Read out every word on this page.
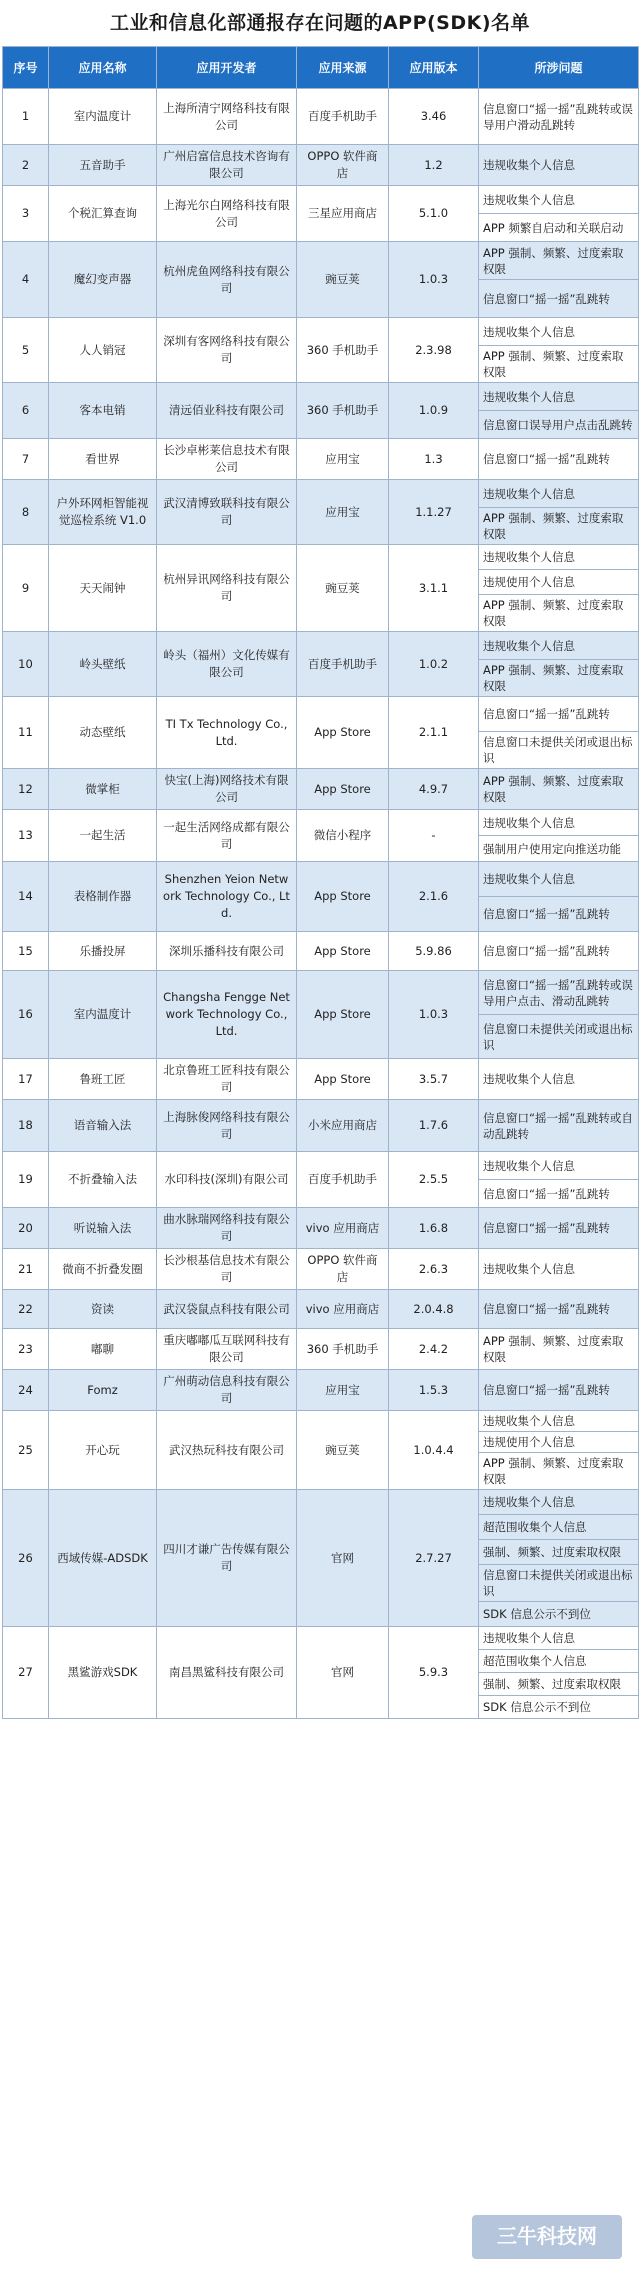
工业和信息化部通报存在问题的APP(SDK)名单
序号	应用名称	应用开发者	应用来源	应用版本	所涉问题
1	室内温度计	上海所清宁网络科技有限公司	百度手机助手	3.46	信息窗口“摇一摇”乱跳转或误导用户滑动乱跳转
2	五音助手	广州启富信息技术咨询有限公司	OPPO 软件商店	1.2	违规收集个人信息
3	个税汇算查询	上海光尔白网络科技有限公司	三星应用商店	5.1.0	违规收集个人信息
					APP 频繁自启动和关联启动
4	魔幻变声器	杭州虎鱼网络科技有限公司	豌豆荚	1.0.3	APP 强制、频繁、过度索取权限
					信息窗口“摇一摇”乱跳转
5	人人销冠	深圳有客网络科技有限公司	360 手机助手	2.3.98	违规收集个人信息
					APP 强制、频繁、过度索取权限
6	客本电销	清远佰业科技有限公司	360 手机助手	1.0.9	违规收集个人信息
					信息窗口误导用户点击乱跳转
7	看世界	长沙卓彬莱信息技术有限公司	应用宝	1.3	信息窗口“摇一摇”乱跳转
8	户外环网柜智能视觉巡检系统 V1.0	武汉清博致联科技有限公司	应用宝	1.1.27	违规收集个人信息
					APP 强制、频繁、过度索取权限
9	天天闹钟	杭州异讯网络科技有限公司	豌豆荚	3.1.1	违规收集个人信息
					违规使用个人信息
					APP 强制、频繁、过度索取权限
10	岭头壁纸	岭头（福州）文化传媒有限公司	百度手机助手	1.0.2	违规收集个人信息
					APP 强制、频繁、过度索取权限
11	动态壁纸	TI Tx Technology Co., Ltd.	App Store	2.1.1	信息窗口“摇一摇”乱跳转
					信息窗口未提供关闭或退出标识
12	微掌柜	快宝(上海)网络技术有限公司	App Store	4.9.7	APP 强制、频繁、过度索取权限
13	一起生活	一起生活网络成都有限公司	微信小程序	-	违规收集个人信息
					强制用户使用定向推送功能
14	表格制作器	Shenzhen Yeion Network Technology Co., Ltd.	App Store	2.1.6	违规收集个人信息
					信息窗口“摇一摇”乱跳转
15	乐播投屏	深圳乐播科技有限公司	App Store	5.9.86	信息窗口“摇一摇”乱跳转
16	室内温度计	Changsha Fengge Network Technology Co., Ltd.	App Store	1.0.3	信息窗口“摇一摇”乱跳转或误导用户点击、滑动乱跳转
					信息窗口未提供关闭或退出标识
17	鲁班工匠	北京鲁班工匠科技有限公司	App Store	3.5.7	违规收集个人信息
18	语音输入法	上海脉俊网络科技有限公司	小米应用商店	1.7.6	信息窗口“摇一摇”乱跳转或自动乱跳转
19	不折叠输入法	水印科技(深圳)有限公司	百度手机助手	2.5.5	违规收集个人信息
					信息窗口“摇一摇”乱跳转
20	听说输入法	曲水脉瑞网络科技有限公司	vivo 应用商店	1.6.8	信息窗口“摇一摇”乱跳转
21	微商不折叠发圈	长沙根基信息技术有限公司	OPPO 软件商店	2.6.3	违规收集个人信息
22	资读	武汉袋鼠点科技有限公司	vivo 应用商店	2.0.4.8	信息窗口“摇一摇”乱跳转
23	嘟聊	重庆嘟嘟瓜互联网科技有限公司	360 手机助手	2.4.2	APP 强制、频繁、过度索取权限
24	Fomz	广州萌动信息科技有限公司	应用宝	1.5.3	信息窗口“摇一摇”乱跳转
25	开心玩	武汉热玩科技有限公司	豌豆荚	1.0.4.4	违规收集个人信息
					违规使用个人信息
					APP 强制、频繁、过度索取权限
26	西域传媒-ADSDK	四川才谦广告传媒有限公司	官网	2.7.27	违规收集个人信息
					超范围收集个人信息
					强制、频繁、过度索取权限
					信息窗口未提供关闭或退出标识
					SDK 信息公示不到位
27	黑鲨游戏SDK	南昌黑鲨科技有限公司	官网	5.9.3	违规收集个人信息
					超范围收集个人信息
					强制、频繁、过度索取权限
					SDK 信息公示不到位
三牛科技网
